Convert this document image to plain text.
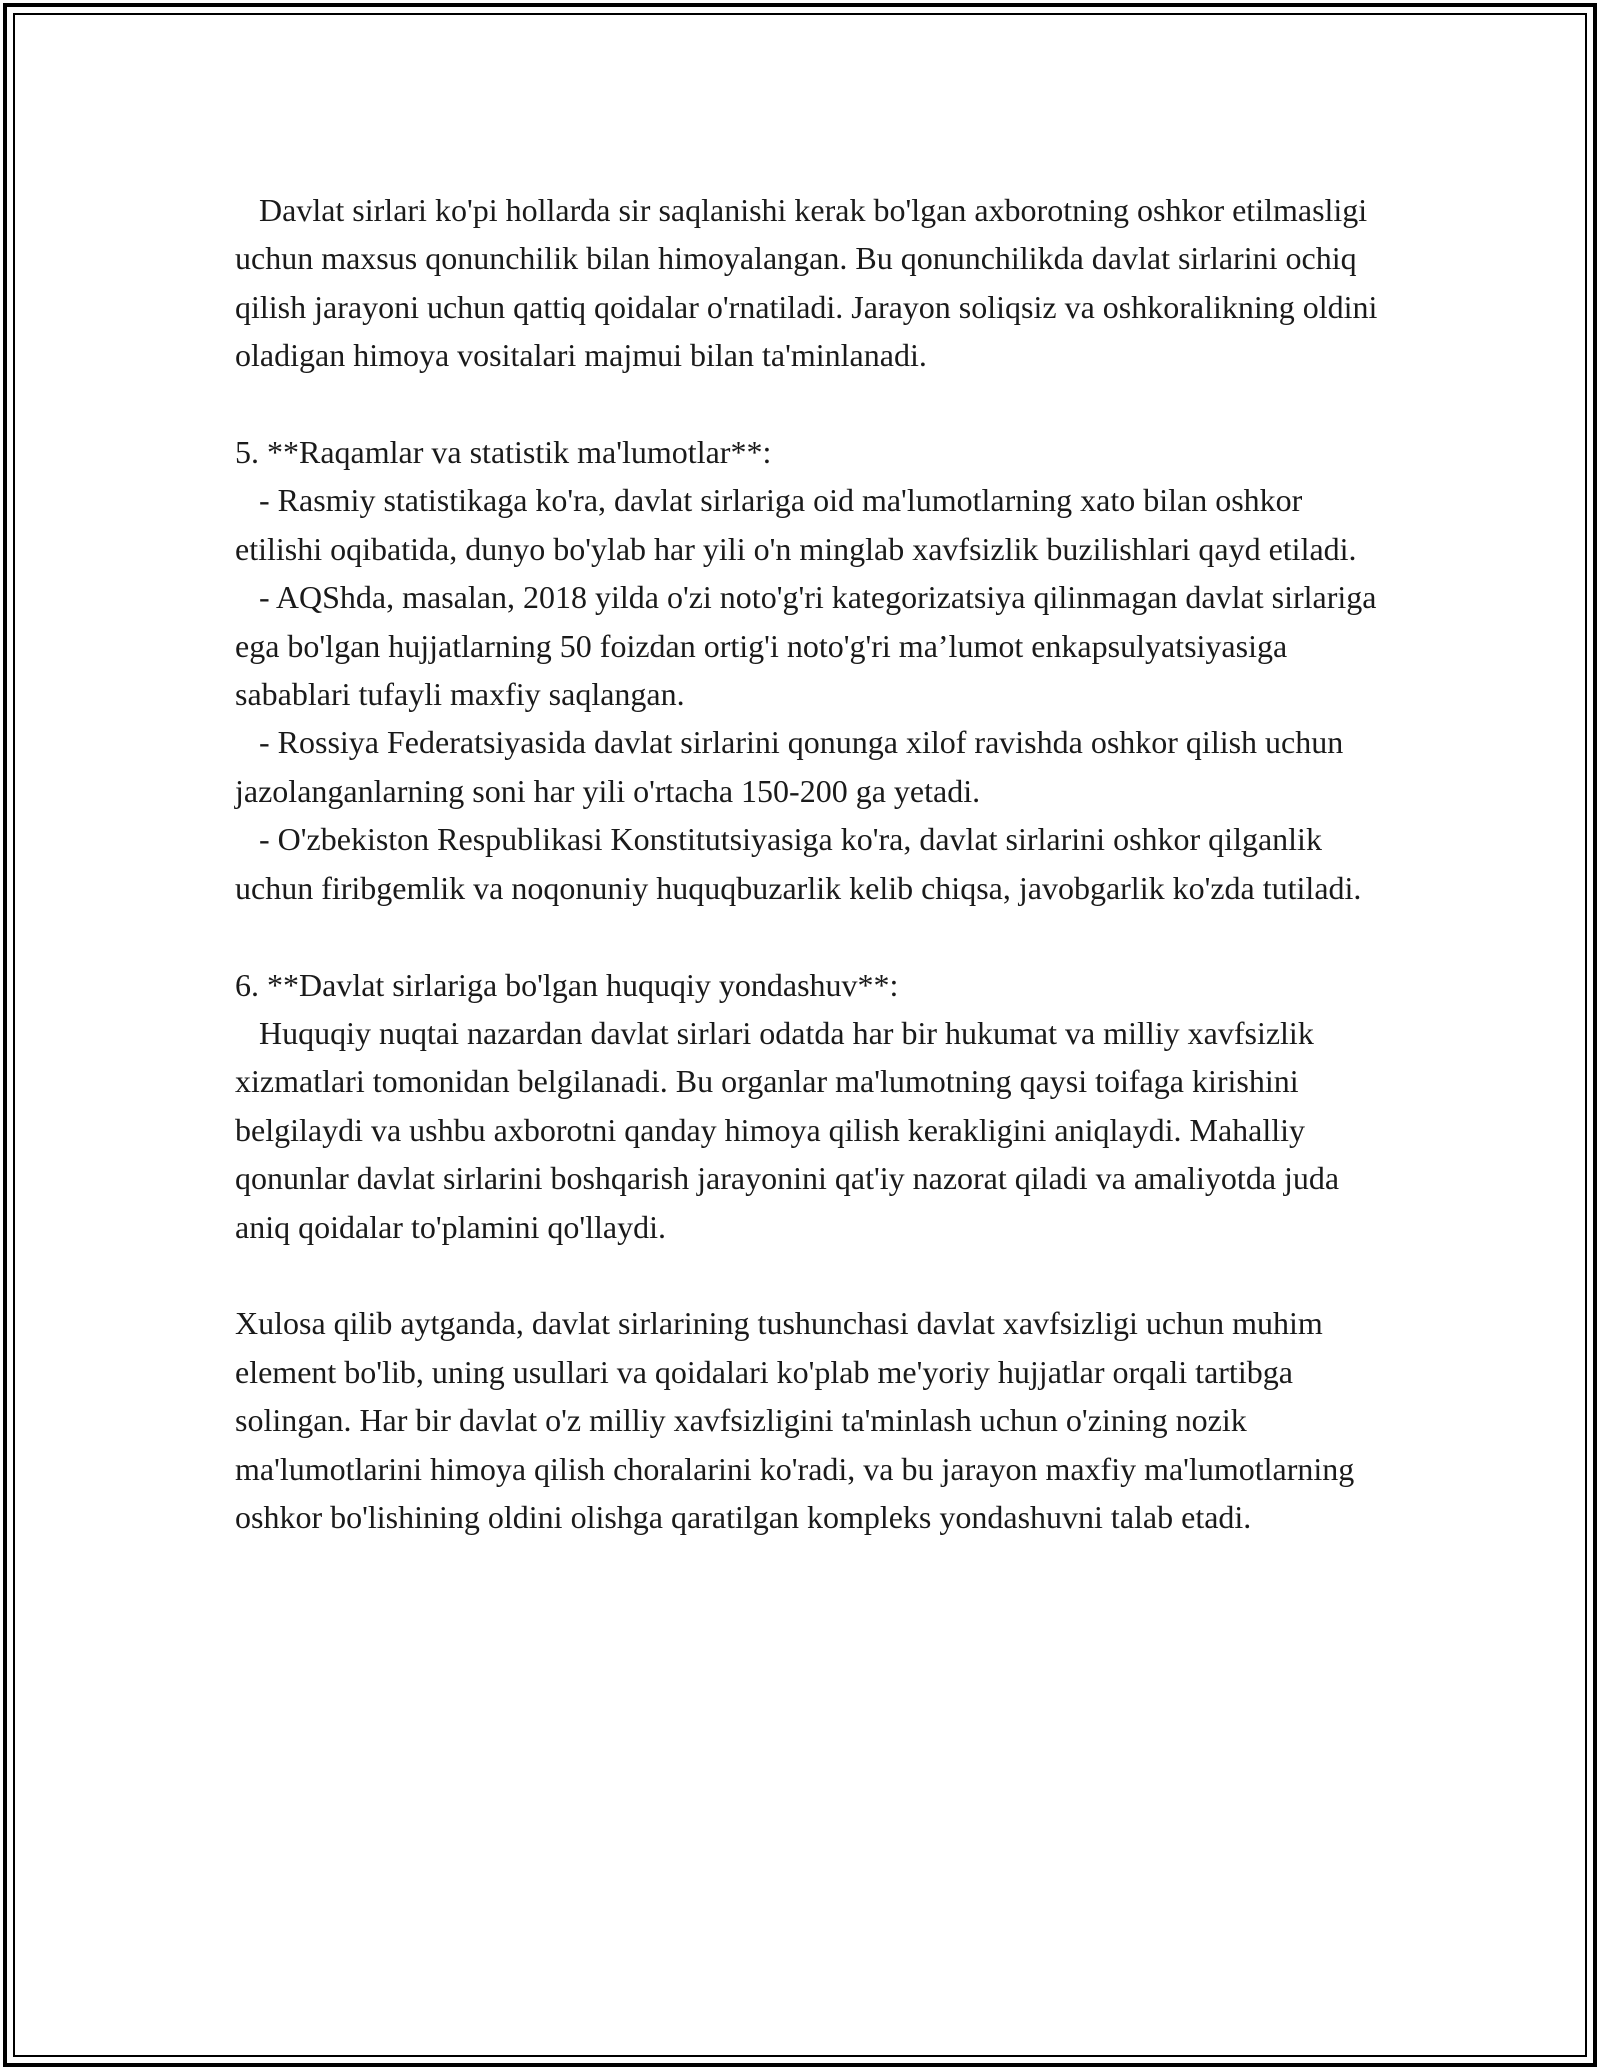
Davlat sirlari ko'pi hollarda sir saqlanishi kerak bo'lgan axborotning oshkor etilmasligi uchun maxsus qonunchilik bilan himoyalangan. Bu qonunchilikda davlat sirlarini ochiq qilish jarayoni uchun qattiq qoidalar o'rnatiladi. Jarayon soliqsiz va oshkoralikning oldini oladigan himoya vositalari majmui bilan ta'minlanadi.

5. **Raqamlar va statistik ma'lumotlar**:

- Rasmiy statistikaga ko'ra, davlat sirlariga oid ma'lumotlarning xato bilan oshkor etilishi oqibatida, dunyo bo'ylab har yili o'n minglab xavfsizlik buzilishlari qayd etiladi.

- AQShda, masalan, 2018 yilda o'zi noto'g'ri kategorizatsiya qilinmagan davlat sirlariga ega bo'lgan hujjatlarning 50 foizdan ortig'i noto'g'ri ma’lumot enkapsulyatsiyasiga sabablari tufayli maxfiy saqlangan.

- Rossiya Federatsiyasida davlat sirlarini qonunga xilof ravishda oshkor qilish uchun jazolanganlarning soni har yili o'rtacha 150-200 ga yetadi.

- O'zbekiston Respublikasi Konstitutsiyasiga ko'ra, davlat sirlarini oshkor qilganlik uchun firibgemlik va noqonuniy huquqbuzarlik kelib chiqsa, javobgarlik ko'zda tutiladi.

6. **Davlat sirlariga bo'lgan huquqiy yondashuv**:

Huquqiy nuqtai nazardan davlat sirlari odatda har bir hukumat va milliy xavfsizlik xizmatlari tomonidan belgilanadi. Bu organlar ma'lumotning qaysi toifaga kirishini belgilaydi va ushbu axborotni qanday himoya qilish kerakligini aniqlaydi. Mahalliy qonunlar davlat sirlarini boshqarish jarayonini qat'iy nazorat qiladi va amaliyotda juda aniq qoidalar to'plamini qo'llaydi.

Xulosa qilib aytganda, davlat sirlarining tushunchasi davlat xavfsizligi uchun muhim element bo'lib, uning usullari va qoidalari ko'plab me'yoriy hujjatlar orqali tartibga solingan. Har bir davlat o'z milliy xavfsizligini ta'minlash uchun o'zining nozik ma'lumotlarini himoya qilish choralarini ko'radi, va bu jarayon maxfiy ma'lumotlarning oshkor bo'lishining oldini olishga qaratilgan kompleks yondashuvni talab etadi.
